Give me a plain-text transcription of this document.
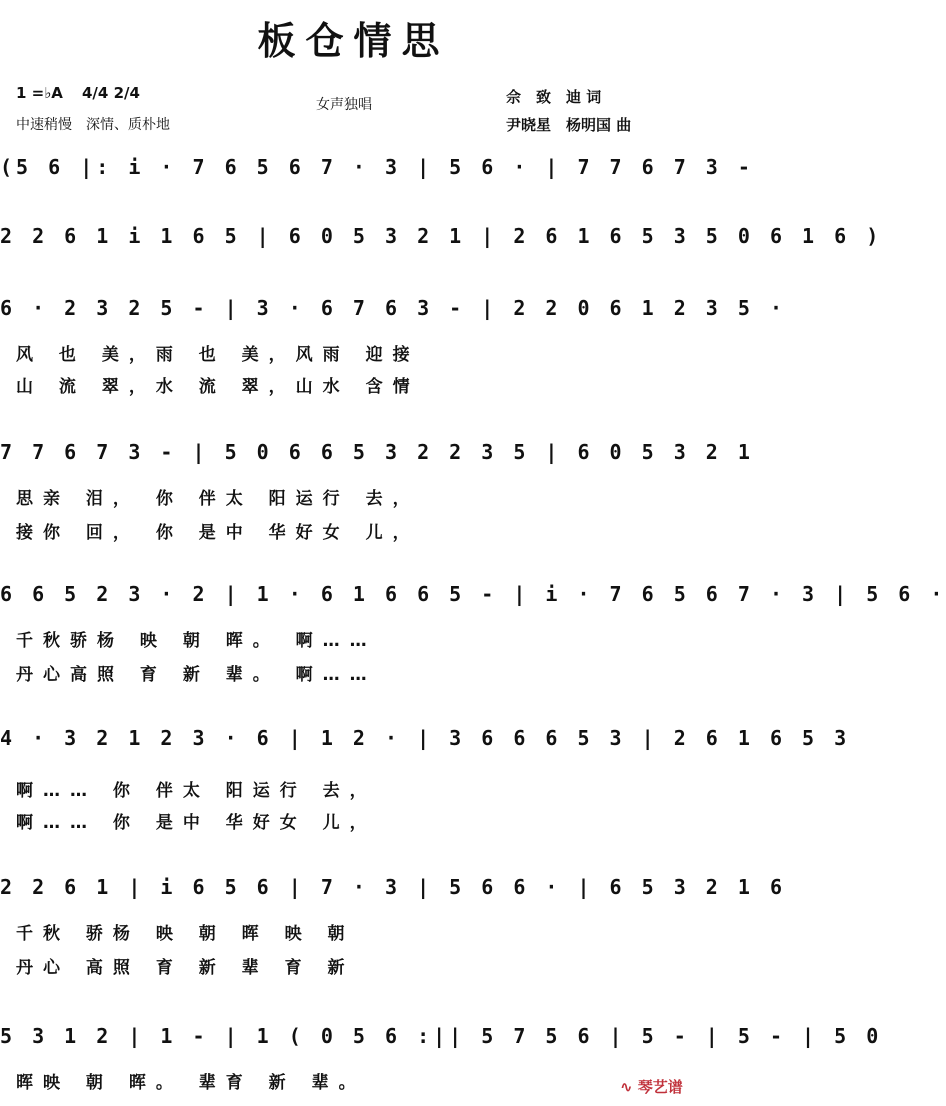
板仓情思
1 =♭A 4/4 2/4
中速稍慢　深情、质朴地
女声独唱	佘　致　迪 词
尹晓星　杨明国 曲
(5 6 |: i · 7 6 5 6 7 · 3 | 5 6 · | 7 7 6 7 3 -
2 2 6 1 i 1 6 5 | 6 0 5 3 2 1 | 2 6 1 6 5 3 5 0 6 1 6 )
6 · 2 3 2 5 - | 3 · 6 7 6 3 - | 2 2 0 6 1 2 3 5 ·
风 也 美，雨 也 美，风雨 迎接
山 流 翠，水 流 翠，山水 含情
7 7 6 7 3 - | 5 0 6 6 5 3 2 2 3 5 | 6 0 5 3 2 1
思亲 泪， 你 伴太 阳运行 去，
接你 回， 你 是中 华好女 儿，
6 6 5 2 3 · 2 | 1 · 6 1 6 6 5 - | i · 7 6 5 6 7 · 3 | 5 6 ·
千秋骄杨 映 朝 晖。 啊……
丹心高照 育 新 辈。 啊……
4 · 3 2 1 2 3 · 6 | 1 2 · | 3 6 6 6 5 3 | 2 6 1 6 5 3
啊…… 你 伴太 阳运行 去，
啊…… 你 是中 华好女 儿，
2 2 6 1 | i 6 5 6 | 7 · 3 | 5 6 6 · | 6 5 3 2 1 6
千秋 骄杨 映 朝 晖 映 朝
丹心 高照 育 新 辈 育 新
5 3 1 2 | 1 - | 1 ( 0 5 6 :|| 5 7 5 6 | 5 - | 5 - | 5 0
晖映 朝 晖。 辈育 新 辈。	∿ 琴艺谱
